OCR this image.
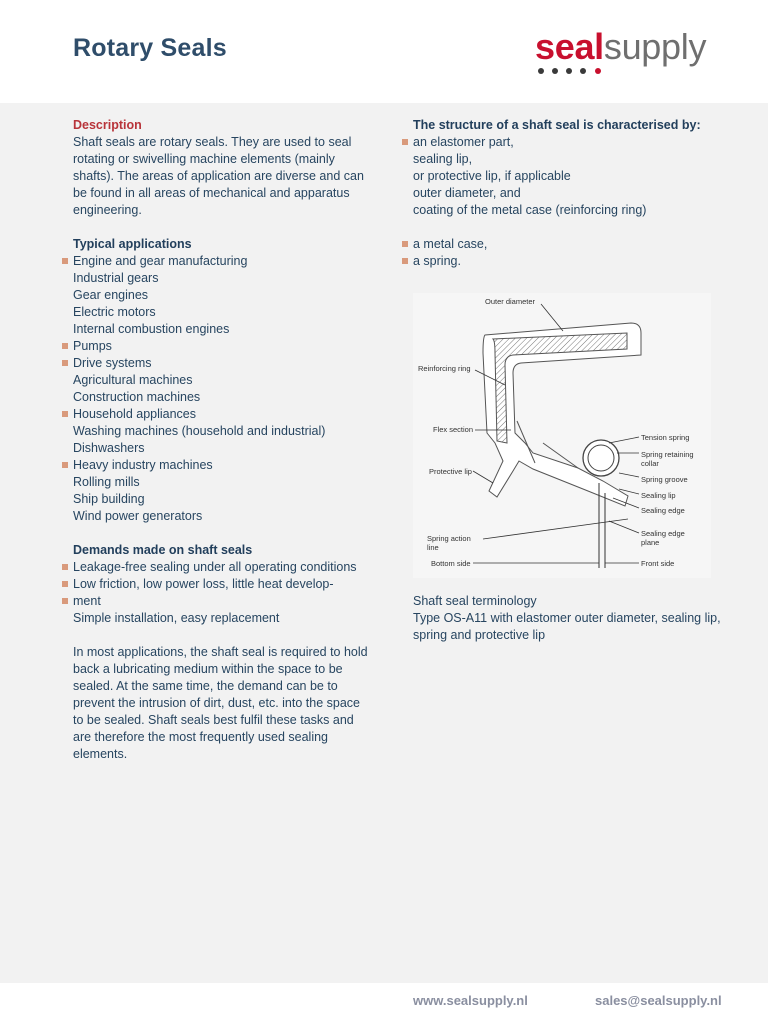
Rotary Seals	sealsupply
Description

Shaft seals are rotary seals. They are used to seal rotating or swivelling machine elements (mainly shafts). The areas of application are diverse and can be found in all areas of mechanical and apparatus engineering.

Typical applications
Engine and gear manufacturing
Industrial gears
Gear engines
Electric motors
Internal combustion engines
Pumps
Drive systems
Agricultural machines
Construction machines
Household appliances
Washing machines (household and industrial)
Dishwashers
Heavy industry machines
Rolling mills
Ship building
Wind power generators
Demands made on shaft seals
Leakage-free sealing under all operating conditions
Low friction, low power loss, little heat develop-
ment
Simple installation, easy replacement

In most applications, the shaft seal is required to hold back a lubricating medium within the space to be sealed. At the same time, the demand can be to prevent the intrusion of dirt, dust, etc. into the space to be sealed. Shaft seals best fulfil these tasks and are therefore the most frequently used sealing elements.

The structure of a shaft seal is characterised by:
an elastomer part,
sealing lip,
or protective lip, if applicable
outer diameter, and
coating of the metal case (reinforcing ring)
a metal case,
a spring.
Outer diameter
Reinforcing ring
Flex section
Protective lip
Spring action
line
Bottom side
Tension spring
Spring retaining
collar
Spring groove
Sealing lip
Sealing edge
Sealing edge
plane
Front side
Shaft seal terminology
Type OS-A11 with elastomer outer diameter, sealing lip, spring and protective lip
www.sealsupply.nl	sales@sealsupply.nl
